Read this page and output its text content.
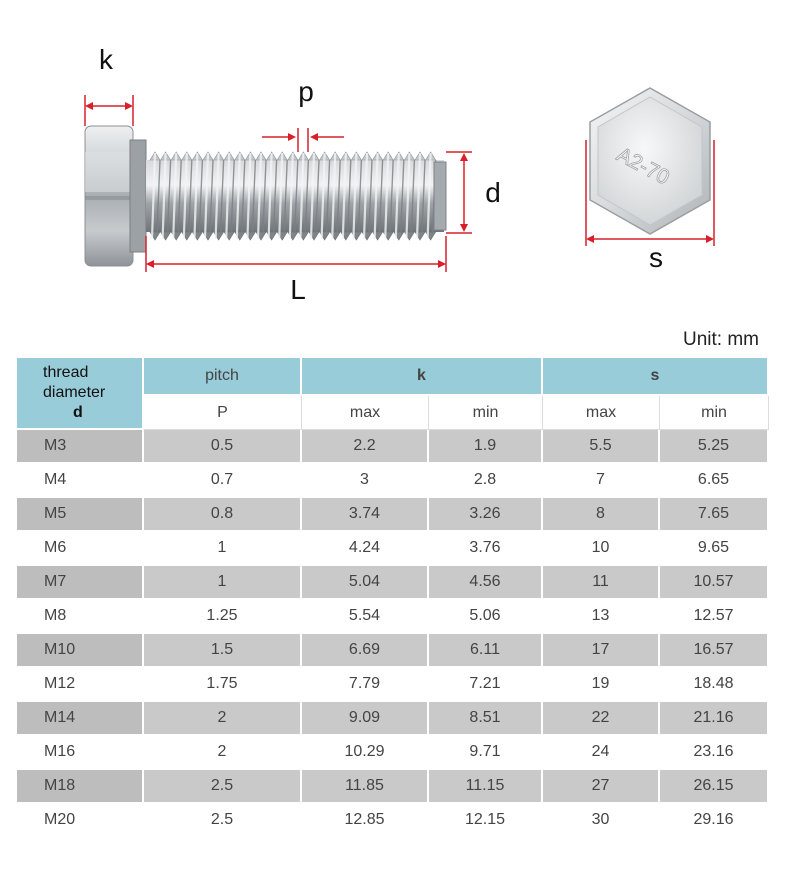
A2-70
k
p
d
L
s
Unit: mm
thread
diameter
d	pitch	k		s	
	P	max	min	max	min
M3	0.5	2.2	1.9	5.5	5.25
M4	0.7	3	2.8	7	6.65
M5	0.8	3.74	3.26	8	7.65
M6	1	4.24	3.76	10	9.65
M7	1	5.04	4.56	11	10.57
M8	1.25	5.54	5.06	13	12.57
M10	1.5	6.69	6.11	17	16.57
M12	1.75	7.79	7.21	19	18.48
M14	2	9.09	8.51	22	21.16
M16	2	10.29	9.71	24	23.16
M18	2.5	11.85	11.15	27	26.15
M20	2.5	12.85	12.15	30	29.16
